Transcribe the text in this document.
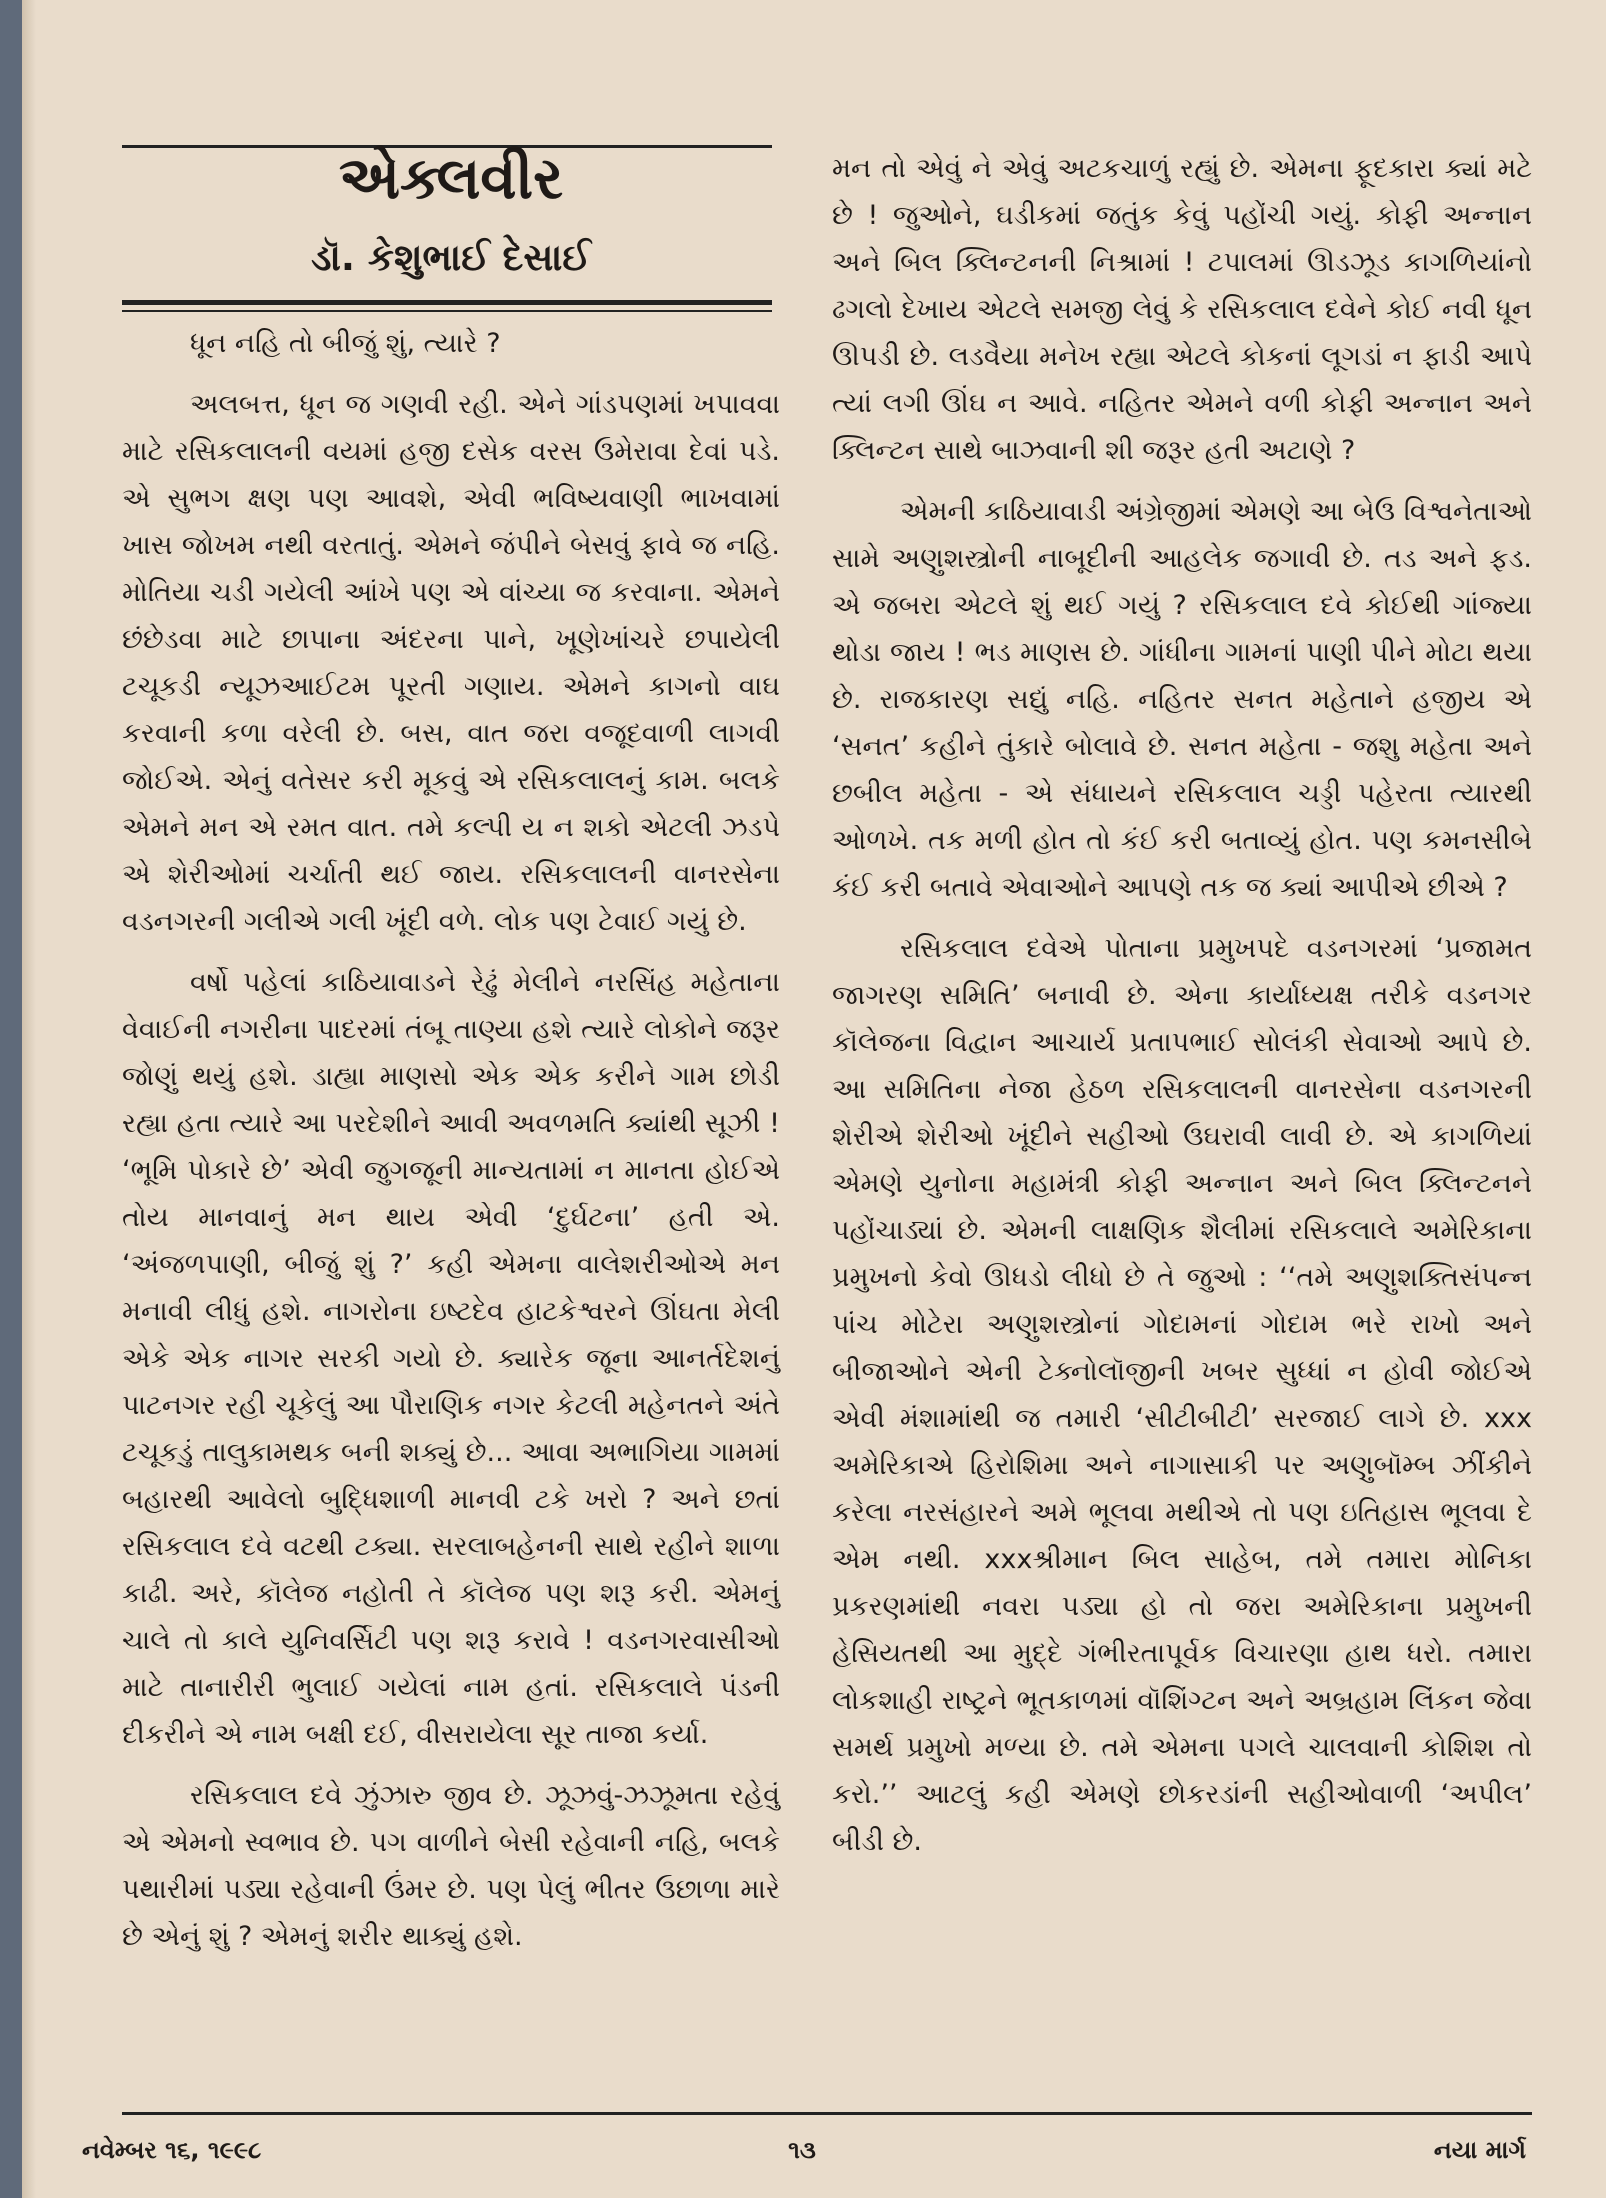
એક્લવીર
ડૉ. કેશુભાઈ દેસાઈ

ધૂન નહિ તો બીજું શું, ત્યારે ?

અલબત્ત, ધૂન જ ગણવી રહી. એને ગાંડપણમાં ખપાવવા માટે રસિકલાલની વયમાં હજી દસેક વરસ ઉમેરાવા દેવાં પડે. એ સુભગ ક્ષણ પણ આવશે, એવી ભવિષ્યવાણી ભાખવામાં ખાસ જોખમ નથી વરતાતું. એમને જંપીને બેસવું ફાવે જ નહિ. મોતિયા ચડી ગયેલી આંખે પણ એ વાંચ્યા જ કરવાના. એમને છંછેડવા માટે છાપાના અંદરના પાને, ખૂણેખાંચરે છપાયેલી ટચૂકડી ન્યૂઝઆઈટમ પૂરતી ગણાય. એમને કાગનો વાઘ કરવાની કળા વરેલી છે. બસ, વાત જરા વજૂદવાળી લાગવી જોઈએ. એનું વતેસર કરી મૂકવું એ રસિકલાલનું કામ. બલકે એમને મન એ રમત વાત. તમે કલ્પી ય ન શકો એટલી ઝડપે એ શેરીઓમાં ચર્ચાતી થઈ જાય. રસિકલાલની વાનરસેના વડનગરની ગલીએ ગલી ખૂંદી વળે. લોક પણ ટેવાઈ ગયું છે.

વર્ષો પહેલાં કાઠિયાવાડને રેઢું મેલીને નરસિંહ મહેતાના વેવાઈની નગરીના પાદરમાં તંબૂ તાણ્યા હશે ત્યારે લોકોને જરૂર જોણું થયું હશે. ડાહ્યા માણસો એક એક કરીને ગામ છોડી રહ્યા હતા ત્યારે આ પરદેશીને આવી અવળમતિ ક્યાંથી સૂઝી ! ‘ભૂમિ પોકારે છે’ એવી જુગજૂની માન્યતામાં ન માનતા હોઈએ તોય માનવાનું મન થાય એવી ‘દુર્ઘટના’ હતી એ. ‘અંજળપાણી, બીજું શું ?’ કહી એમના વાલેશરીઓએ મન મનાવી લીધું હશે. નાગરોના ઇષ્ટદેવ હાટકેશ્વરને ઊંઘતા મેલી એકે એક નાગર સરકી ગયો છે. ક્યારેક જૂના આનર્તદેશનું પાટનગર રહી ચૂકેલું આ પૌરાણિક નગર કેટલી મહેનતને અંતે ટચૂકડું તાલુકામથક બની શક્યું છે... આવા અભાગિયા ગામમાં બહારથી આવેલો બુદ્ધિશાળી માનવી ટકે ખરો ? અને છતાં રસિકલાલ દવે વટથી ટક્યા. સરલાબહેનની સાથે રહીને શાળા કાઢી. અરે, કૉલેજ નહોતી તે કૉલેજ પણ શરૂ કરી. એમનું ચાલે તો કાલે યુનિવર્સિટી પણ શરૂ કરાવે ! વડનગરવાસીઓ માટે તાનારીરી ભુલાઈ ગયેલાં નામ હતાં. રસિકલાલે પંડની દીકરીને એ નામ બક્ષી દઈ, વીસરાયેલા સૂર તાજા કર્યા.

રસિકલાલ દવે ઝુંઝારુ જીવ છે. ઝૂઝવું-ઝઝૂમતા રહેવું એ એમનો સ્વભાવ છે. પગ વાળીને બેસી રહેવાની નહિ, બલકે પથારીમાં પડ્યા રહેવાની ઉંમર છે. પણ પેલું ભીતર ઉછાળા મારે છે એનું શું ? એમનું શરીર થાક્યું હશે.

મન તો એવું ને એવું અટકચાળું રહ્યું છે. એમના ફૂદકારા ક્યાં મટે છે ! જુઓને, ઘડીકમાં જતુંક કેવું પહોંચી ગયું. કોફી અન્નાન અને બિલ ક્લિન્ટનની નિશ્રામાં ! ટપાલમાં ઊડઝૂડ કાગળિયાંનો ઢગલો દેખાય એટલે સમજી લેવું કે રસિકલાલ દવેને કોઈ નવી ધૂન ઊપડી છે. લડવૈયા મનેખ રહ્યા એટલે કોકનાં લૂગડાં ન ફાડી આપે ત્યાં લગી ઊંઘ ન આવે. નહિતર એમને વળી કોફી અન્નાન અને ક્લિન્ટન સાથે બાઝવાની શી જરૂર હતી અટાણે ?

એમની કાઠિયાવાડી અંગ્રેજીમાં એમણે આ બેઉ વિશ્વનેતાઓ સામે અણુશસ્ત્રોની નાબૂદીની આહલેક જગાવી છે. તડ અને ફડ. એ જબરા એટલે શું થઈ ગયું ? રસિકલાલ દવે કોઈથી ગાંજ્યા થોડા જાય ! ભડ માણસ છે. ગાંધીના ગામનાં પાણી પીને મોટા થયા છે. રાજકારણ સદ્યું નહિ. નહિતર સનત મહેતાને હજીય એ ‘સનત’ કહીને તુંકારે બોલાવે છે. સનત મહેતા - જશુ મહેતા અને છબીલ મહેતા - એ સંધાયને રસિકલાલ ચડ્ડી પહેરતા ત્યારથી ઓળખે. તક મળી હોત તો કંઈ કરી બતાવ્યું હોત. પણ કમનસીબે કંઈ કરી બતાવે એવાઓને આપણે તક જ ક્યાં આપીએ છીએ ?

રસિકલાલ દવેએ પોતાના પ્રમુખપદે વડનગરમાં ‘પ્રજામત જાગરણ સમિતિ’ બનાવી છે. એના કાર્યાધ્યક્ષ તરીકે વડનગર કૉલેજના વિદ્વાન આચાર્ય પ્રતાપભાઈ સોલંકી સેવાઓ આપે છે. આ સમિતિના નેજા હેઠળ રસિકલાલની વાનરસેના વડનગરની શેરીએ શેરીઓ ખૂંદીને સહીઓ ઉઘરાવી લાવી છે. એ કાગળિયાં એમણે યુનોના મહામંત્રી કોફી અન્નાન અને બિલ ક્લિન્ટનને પહોંચાડ્યાં છે. એમની લાક્ષણિક શૈલીમાં રસિકલાલે અમેરિકાના પ્રમુખનો કેવો ઊધડો લીધો છે તે જુઓ : ‘‘તમે અણુશક્તિસંપન્ન પાંચ મોટેરા અણુશસ્ત્રોનાં ગોદામનાં ગોદામ ભરે રાખો અને બીજાઓને એની ટેક્નોલૉજીની ખબર સુધ્ધાં ન હોવી જોઈએ એવી મંશામાંથી જ તમારી ‘સીટીબીટી’ સરજાઈ લાગે છે. xxx અમેરિકાએ હિરોશિમા અને નાગાસાકી પર અણુબૉમ્બ ઝીંકીને કરેલા નરસંહારને અમે ભૂલવા મથીએ તો પણ ઇતિહાસ ભૂલવા દે એમ નથી. xxxશ્રીમાન બિલ સાહેબ, તમે તમારા મોનિકા પ્રકરણમાંથી નવરા પડ્યા હો તો જરા અમેરિકાના પ્રમુખની હેસિયતથી આ મુદ્દે ગંભીરતાપૂર્વક વિચારણા હાથ ધરો. તમારા લોકશાહી રાષ્ટ્રને ભૂતકાળમાં વૉશિંગ્ટન અને અબ્રહામ લિંકન જેવા સમર્થ પ્રમુખો મળ્યા છે. તમે એમના પગલે ચાલવાની કોશિશ તો કરો.’’ આટલું કહી એમણે છોકરડાંની સહીઓવાળી ‘અપીલ’ બીડી છે.

નવેમ્બર ૧૬, ૧૯૯૮	૧૩	નયા માર્ગ
